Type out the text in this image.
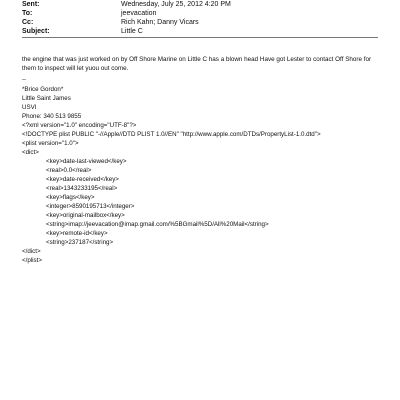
Sent:	Wednesday, July 25, 2012 4:20 PM
To:	jeevacation
Cc:	Rich Kahn; Danny Vicars
Subject:	Little C
the engine that was just worked on by Off Shore Marine on Little C has a blown head Have got Lester to contact Off Shore for them to inspect will let yuou out come.
--
*Brice Gordon*
Little Saint James
USVI
Phone: 340 513 9855
<?xml version="1.0" encoding="UTF-8"?>
<!DOCTYPE plist PUBLIC "-//Apple//DTD PLIST 1.0//EN" "http://www.apple.com/DTDs/PropertyList-1.0.dtd">
<plist version="1.0">
<dict>
<key>date-last-viewed</key>
<real>0.0</real>
<key>date-received</key>
<real>1343233195</real>
<key>flags</key>
<integer>8590195713</integer>
<key>original-mailbox</key>
<string>imap://jeevacation@imap.gmail.com/%5BGmail%5D/All%20Mail</string>
<key>remote-id</key>
<string>237187</string>
</dict>
</plist>
